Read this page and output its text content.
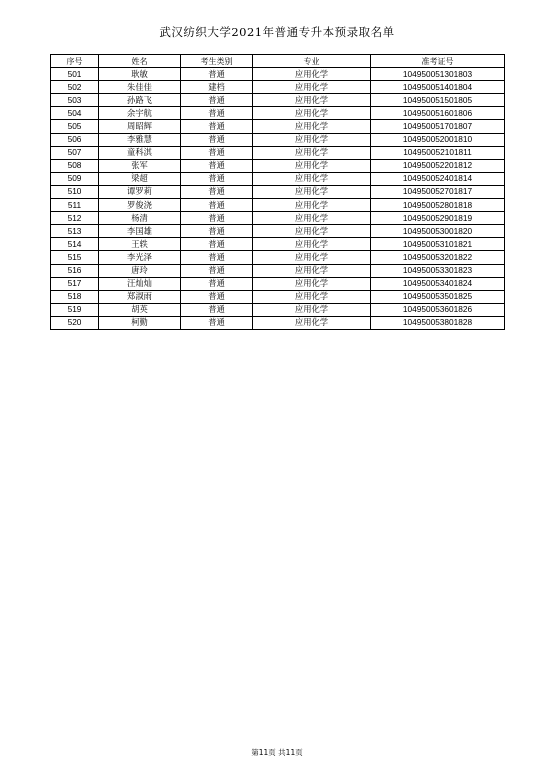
武汉纺织大学2021年普通专升本预录取名单
序号	姓名	考生类别	专业	准考证号
501	耿敏	普通	应用化学	104950051301803
502	朱佳佳	建档	应用化学	104950051401804
503	孙路飞	普通	应用化学	104950051501805
504	余宇航	普通	应用化学	104950051601806
505	周昭辉	普通	应用化学	104950051701807
506	李雅慧	普通	应用化学	104950052001810
507	童科淇	普通	应用化学	104950052101811
508	张军	普通	应用化学	104950052201812
509	梁超	普通	应用化学	104950052401814
510	谭罗莉	普通	应用化学	104950052701817
511	罗俊浇	普通	应用化学	104950052801818
512	杨清	普通	应用化学	104950052901819
513	李国雄	普通	应用化学	104950053001820
514	王轶	普通	应用化学	104950053101821
515	李光泽	普通	应用化学	104950053201822
516	唐玲	普通	应用化学	104950053301823
517	汪灿灿	普通	应用化学	104950053401824
518	郑淑雨	普通	应用化学	104950053501825
519	胡英	普通	应用化学	104950053601826
520	柯勤	普通	应用化学	104950053801828
第11页 共11页
